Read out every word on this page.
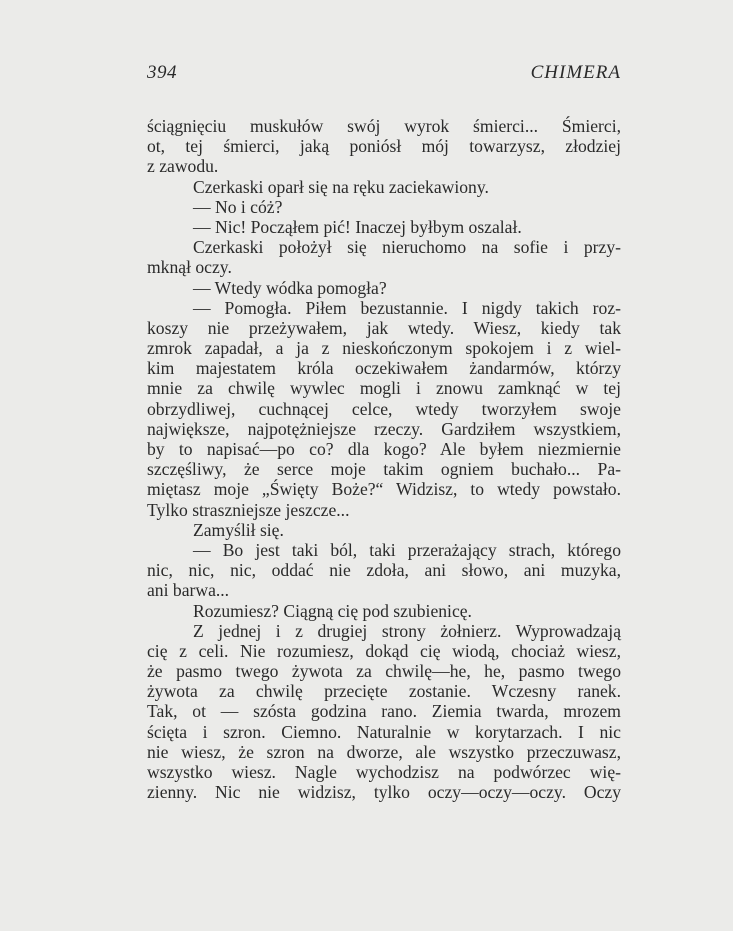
394	CHIMERA
ściągnięciu muskułów swój wyrok śmierci... Śmierci,
ot, tej śmierci, jaką poniósł mój towarzysz, złodziej
z zawodu.
Czerkaski oparł się na ręku zaciekawiony.
— No i cóż?
— Nic! Począłem pić! Inaczej byłbym oszalał.
Czerkaski położył się nieruchomo na sofie i przy-
mknął oczy.
— Wtedy wódka pomogła?
— Pomogła. Piłem bezustannie. I nigdy takich roz-
koszy nie przeżywałem, jak wtedy. Wiesz, kiedy tak
zmrok zapadał, a ja z nieskończonym spokojem i z wiel-
kim majestatem króla oczekiwałem żandarmów, którzy
mnie za chwilę wywlec mogli i znowu zamknąć w tej
obrzydliwej, cuchnącej celce, wtedy tworzyłem swoje
największe, najpotężniejsze rzeczy. Gardziłem wszystkiem,
by to napisać—po co? dla kogo? Ale byłem niezmiernie
szczęśliwy, że serce moje takim ogniem buchało... Pa-
miętasz moje „Święty Boże?“ Widzisz, to wtedy powstało.
Tylko straszniejsze jeszcze...
Zamyślił się.
— Bo jest taki ból, taki przerażający strach, którego
nic, nic, nic, oddać nie zdoła, ani słowo, ani muzyka,
ani barwa...
Rozumiesz? Ciągną cię pod szubienicę.
Z jednej i z drugiej strony żołnierz. Wyprowadzają
cię z celi. Nie rozumiesz, dokąd cię wiodą, chociaż wiesz,
że pasmo twego żywota za chwilę—he, he, pasmo twego
żywota za chwilę przecięte zostanie. Wczesny ranek.
Tak, ot — szósta godzina rano. Ziemia twarda, mrozem
ścięta i szron. Ciemno. Naturalnie w korytarzach. I nic
nie wiesz, że szron na dworze, ale wszystko przeczuwasz,
wszystko wiesz. Nagle wychodzisz na podwórzec wię-
zienny. Nic nie widzisz, tylko oczy—oczy—oczy. Oczy
